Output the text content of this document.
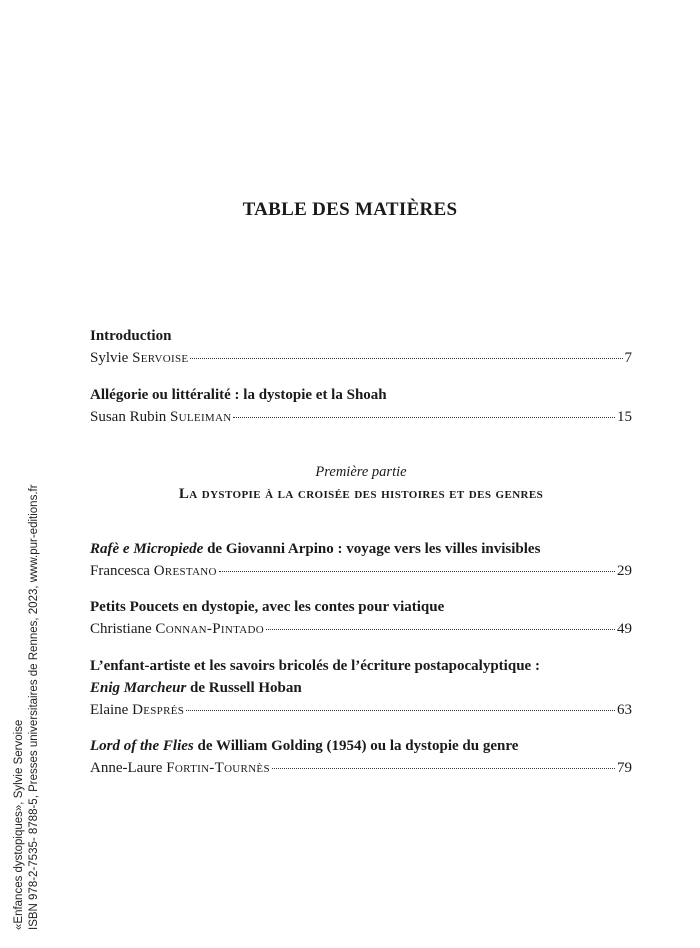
«Enfances dystopiques», Sylvie Servoise ISBN 978-2-7535- 8788-5, Presses universitaires de Rennes, 2023, www.pur-editions.fr
TABLE DES MATIÈRES
Introduction
Sylvie Servoise	7
Allégorie ou littéralité : la dystopie et la Shoah
Susan Rubin Suleiman	15
Première partie
La dystopie à la croisée des histoires et des genres
Rafè e Micropiede de Giovanni Arpino : voyage vers les villes invisibles
Francesca Orestano	29
Petits Poucets en dystopie, avec les contes pour viatique
Christiane Connan-Pintado	49
L’enfant-artiste et les savoirs bricolés de l’écriture postapocalyptique :
Enig Marcheur de Russell Hoban
Elaine Després	63
Lord of the Flies de William Golding (1954) ou la dystopie du genre
Anne-Laure Fortin-Tournès	79
